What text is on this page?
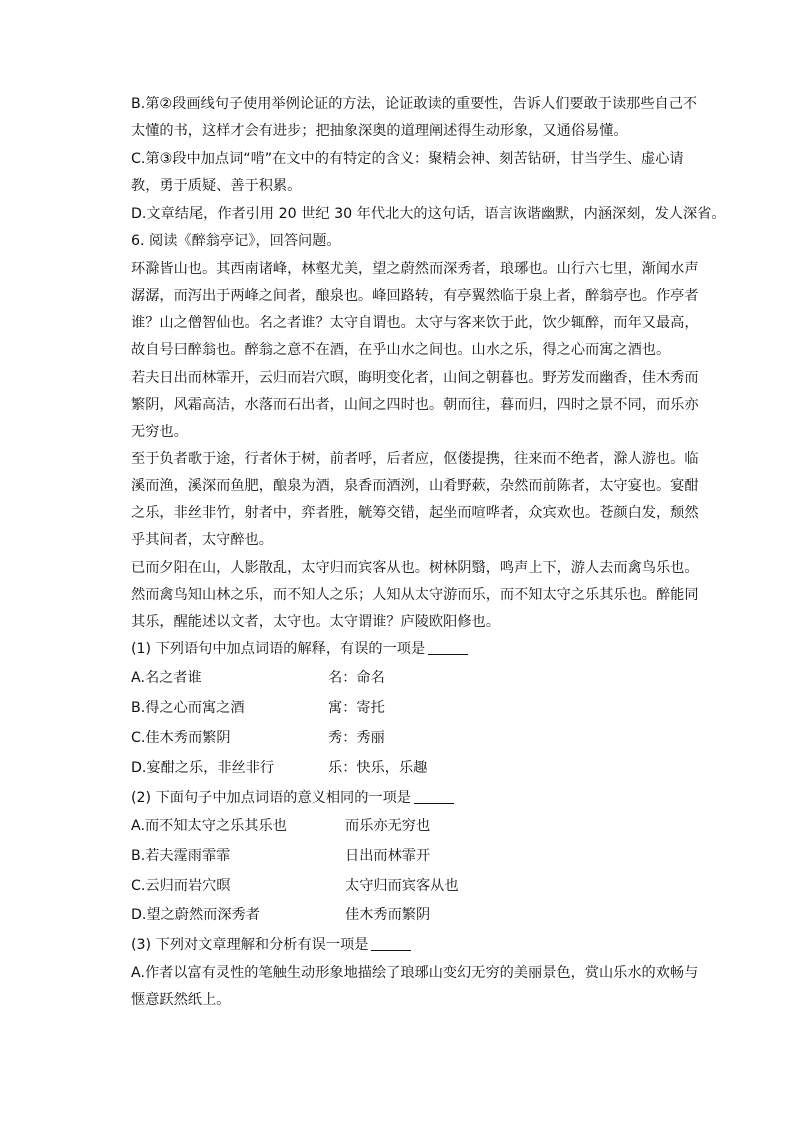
B.第②段画线句子使用举例论证的方法，论证敢读的重要性，告诉人们要敢于读那些自己不
太懂的书，这样才会有进步；把抽象深奥的道理阐述得生动形象，又通俗易懂。
C.第③段中加点词“啃”在文中的有特定的含义：聚精会神、刻苦钻研，甘当学生、虚心请
教，勇于质疑、善于积累。
D.文章结尾，作者引用 20 世纪 30 年代北大的这句话，语言诙谐幽默，内涵深刻，发人深省。
6. 阅读《醉翁亭记》，回答问题。
环滁皆山也。其西南诸峰，林壑尤美，望之蔚然而深秀者，琅琊也。山行六七里，渐闻水声
潺潺，而泻出于两峰之间者，酿泉也。峰回路转，有亭翼然临于泉上者，醉翁亭也。作亭者
谁？山之僧智仙也。名之者谁？太守自谓也。太守与客来饮于此，饮少辄醉，而年又最高，
故自号曰醉翁也。醉翁之意不在酒，在乎山水之间也。山水之乐，得之心而寓之酒也。
若夫日出而林霏开，云归而岩穴暝，晦明变化者，山间之朝暮也。野芳发而幽香，佳木秀而
繁阴，风霜高洁，水落而石出者，山间之四时也。朝而往，暮而归，四时之景不同，而乐亦
无穷也。
至于负者歌于途，行者休于树，前者呼，后者应，伛偻提携，往来而不绝者，滁人游也。临
溪而渔，溪深而鱼肥，酿泉为酒，泉香而酒洌，山肴野蔌，杂然而前陈者，太守宴也。宴酣
之乐，非丝非竹，射者中，弈者胜，觥筹交错，起坐而喧哗者，众宾欢也。苍颜白发，颓然
乎其间者，太守醉也。
已而夕阳在山，人影散乱，太守归而宾客从也。树林阴翳，鸣声上下，游人去而禽鸟乐也。
然而禽鸟知山林之乐，而不知人之乐；人知从太守游而乐，而不知太守之乐其乐也。醉能同
其乐，醒能述以文者，太守也。太守谓谁？庐陵欧阳修也。
(1) 下列语句中加点词语的解释，有误的一项是
A.名之者谁	名：命名
B.得之心而寓之酒	寓：寄托
C.佳木秀而繁阴	秀：秀丽
D.宴酣之乐，非丝非行	乐：快乐，乐趣
(2) 下面句子中加点词语的意义相同的一项是
A.而不知太守之乐其乐也	而乐亦无穷也
B.若夫霪雨霏霏	日出而林霏开
C.云归而岩穴暝	太守归而宾客从也
D.望之蔚然而深秀者	佳木秀而繁阴
(3) 下列对文章理解和分析有误一项是
A.作者以富有灵性的笔触生动形象地描绘了琅琊山变幻无穷的美丽景色，赏山乐水的欢畅与
惬意跃然纸上。
